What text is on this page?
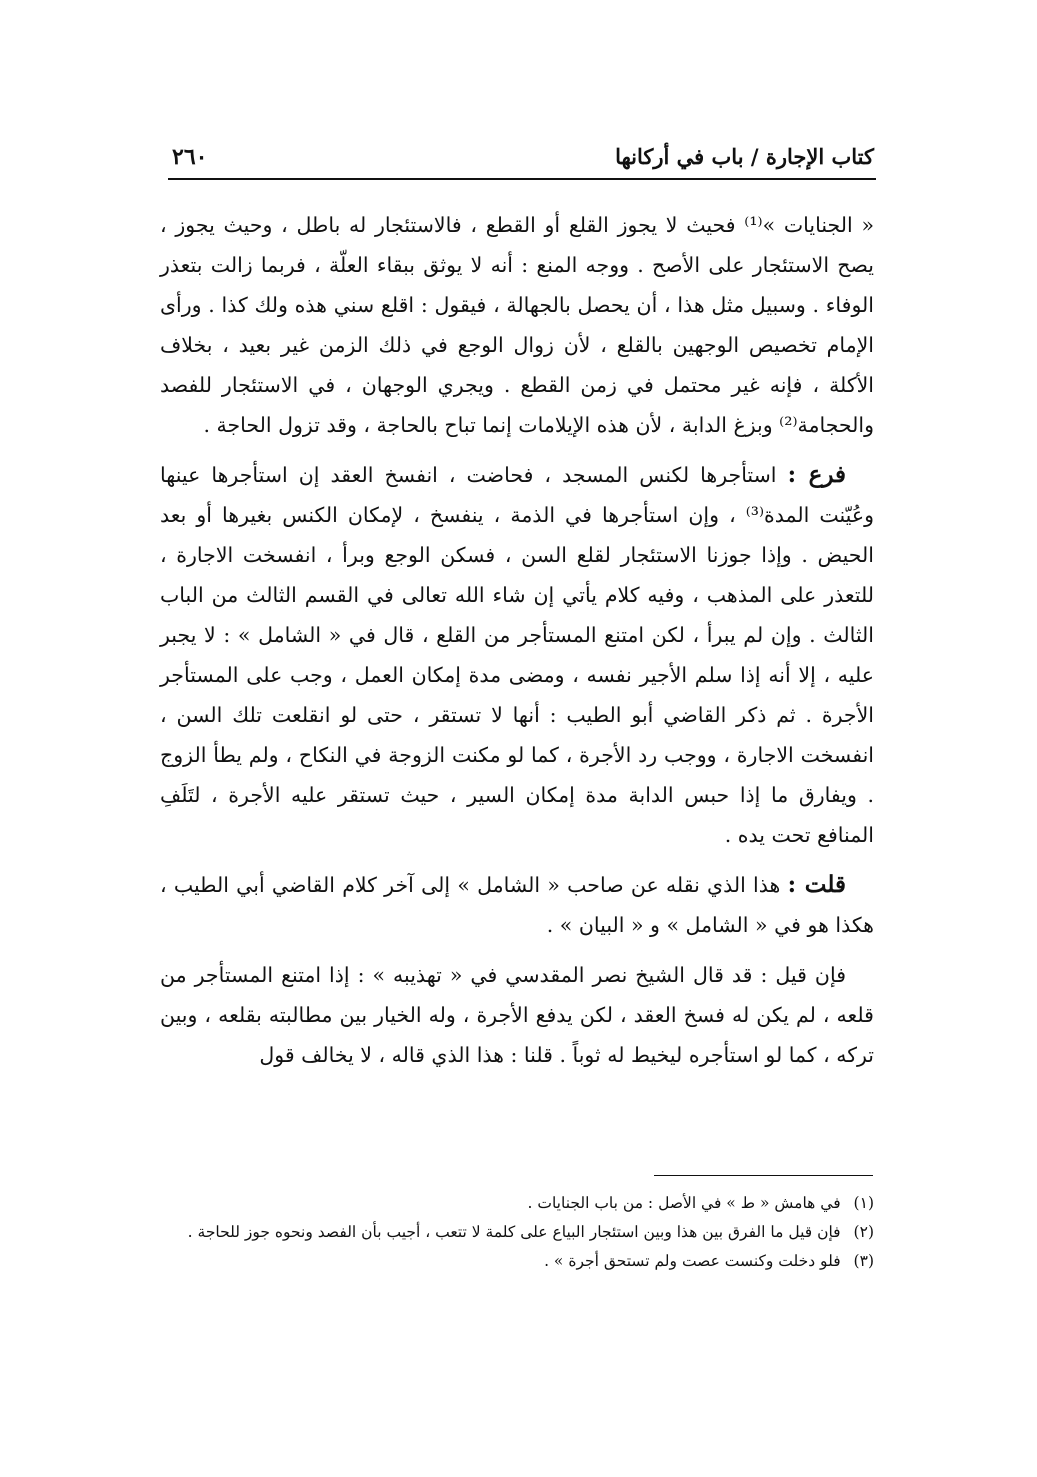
كتاب الإجارة / باب في أركانها
٢٦٠

« الجنايات »⁽¹⁾ فحيث لا يجوز القلع أو القطع ، فالاستئجار له باطل ، وحيث يجوز ، يصح الاستئجار على الأصح . ووجه المنع : أنه لا يوثق ببقاء العلّة ، فربما زالت بتعذر الوفاء . وسبيل مثل هذا ، أن يحصل بالجهالة ، فيقول : اقلع سني هذه ولك كذا . ورأى الإمام تخصيص الوجهين بالقلع ، لأن زوال الوجع في ذلك الزمن غير بعيد ، بخلاف الأكلة ، فإنه غير محتمل في زمن القطع . ويجري الوجهان ، في الاستئجار للفصد والحجامة⁽²⁾ وبزغ الدابة ، لأن هذه الإيلامات إنما تباح بالحاجة ، وقد تزول الحاجة .

فرع : استأجرها لكنس المسجد ، فحاضت ، انفسخ العقد إن استأجرها عينها وعُيّنت المدة⁽³⁾ ، وإن استأجرها في الذمة ، ينفسخ ، لإمكان الكنس بغيرها أو بعد الحيض . وإذا جوزنا الاستئجار لقلع السن ، فسكن الوجع وبرأ ، انفسخت الاجارة ، للتعذر على المذهب ، وفيه كلام يأتي إن شاء الله تعالى في القسم الثالث من الباب الثالث . وإن لم يبرأ ، لكن امتنع المستأجر من القلع ، قال في « الشامل » : لا يجبر عليه ، إلا أنه إذا سلم الأجير نفسه ، ومضى مدة إمكان العمل ، وجب على المستأجر الأجرة . ثم ذكر القاضي أبو الطيب : أنها لا تستقر ، حتى لو انقلعت تلك السن ، انفسخت الاجارة ، ووجب رد الأجرة ، كما لو مكنت الزوجة في النكاح ، ولم يطأ الزوج . ويفارق ما إذا حبس الدابة مدة إمكان السير ، حيث تستقر عليه الأجرة ، لتَلَفِ المنافع تحت يده .

قلت : هذا الذي نقله عن صاحب « الشامل » إلى آخر كلام القاضي أبي الطيب ، هكذا هو في « الشامل » و « البيان » .

فإن قيل : قد قال الشيخ نصر المقدسي في « تهذيبه » : إذا امتنع المستأجر من قلعه ، لم يكن له فسخ العقد ، لكن يدفع الأجرة ، وله الخيار بين مطالبته بقلعه ، وبين تركه ، كما لو استأجره ليخيط له ثوباً . قلنا : هذا الذي قاله ، لا يخالف قول

(١) في هامش « ط » في الأصل : من باب الجنايات .

(٢) فإن قيل ما الفرق بين هذا وبين استئجار البياع على كلمة لا تتعب ، أجيب بأن الفصد ونحوه جوز للحاجة .

(٣) فلو دخلت وكنست عصت ولم تستحق أجرة » .
